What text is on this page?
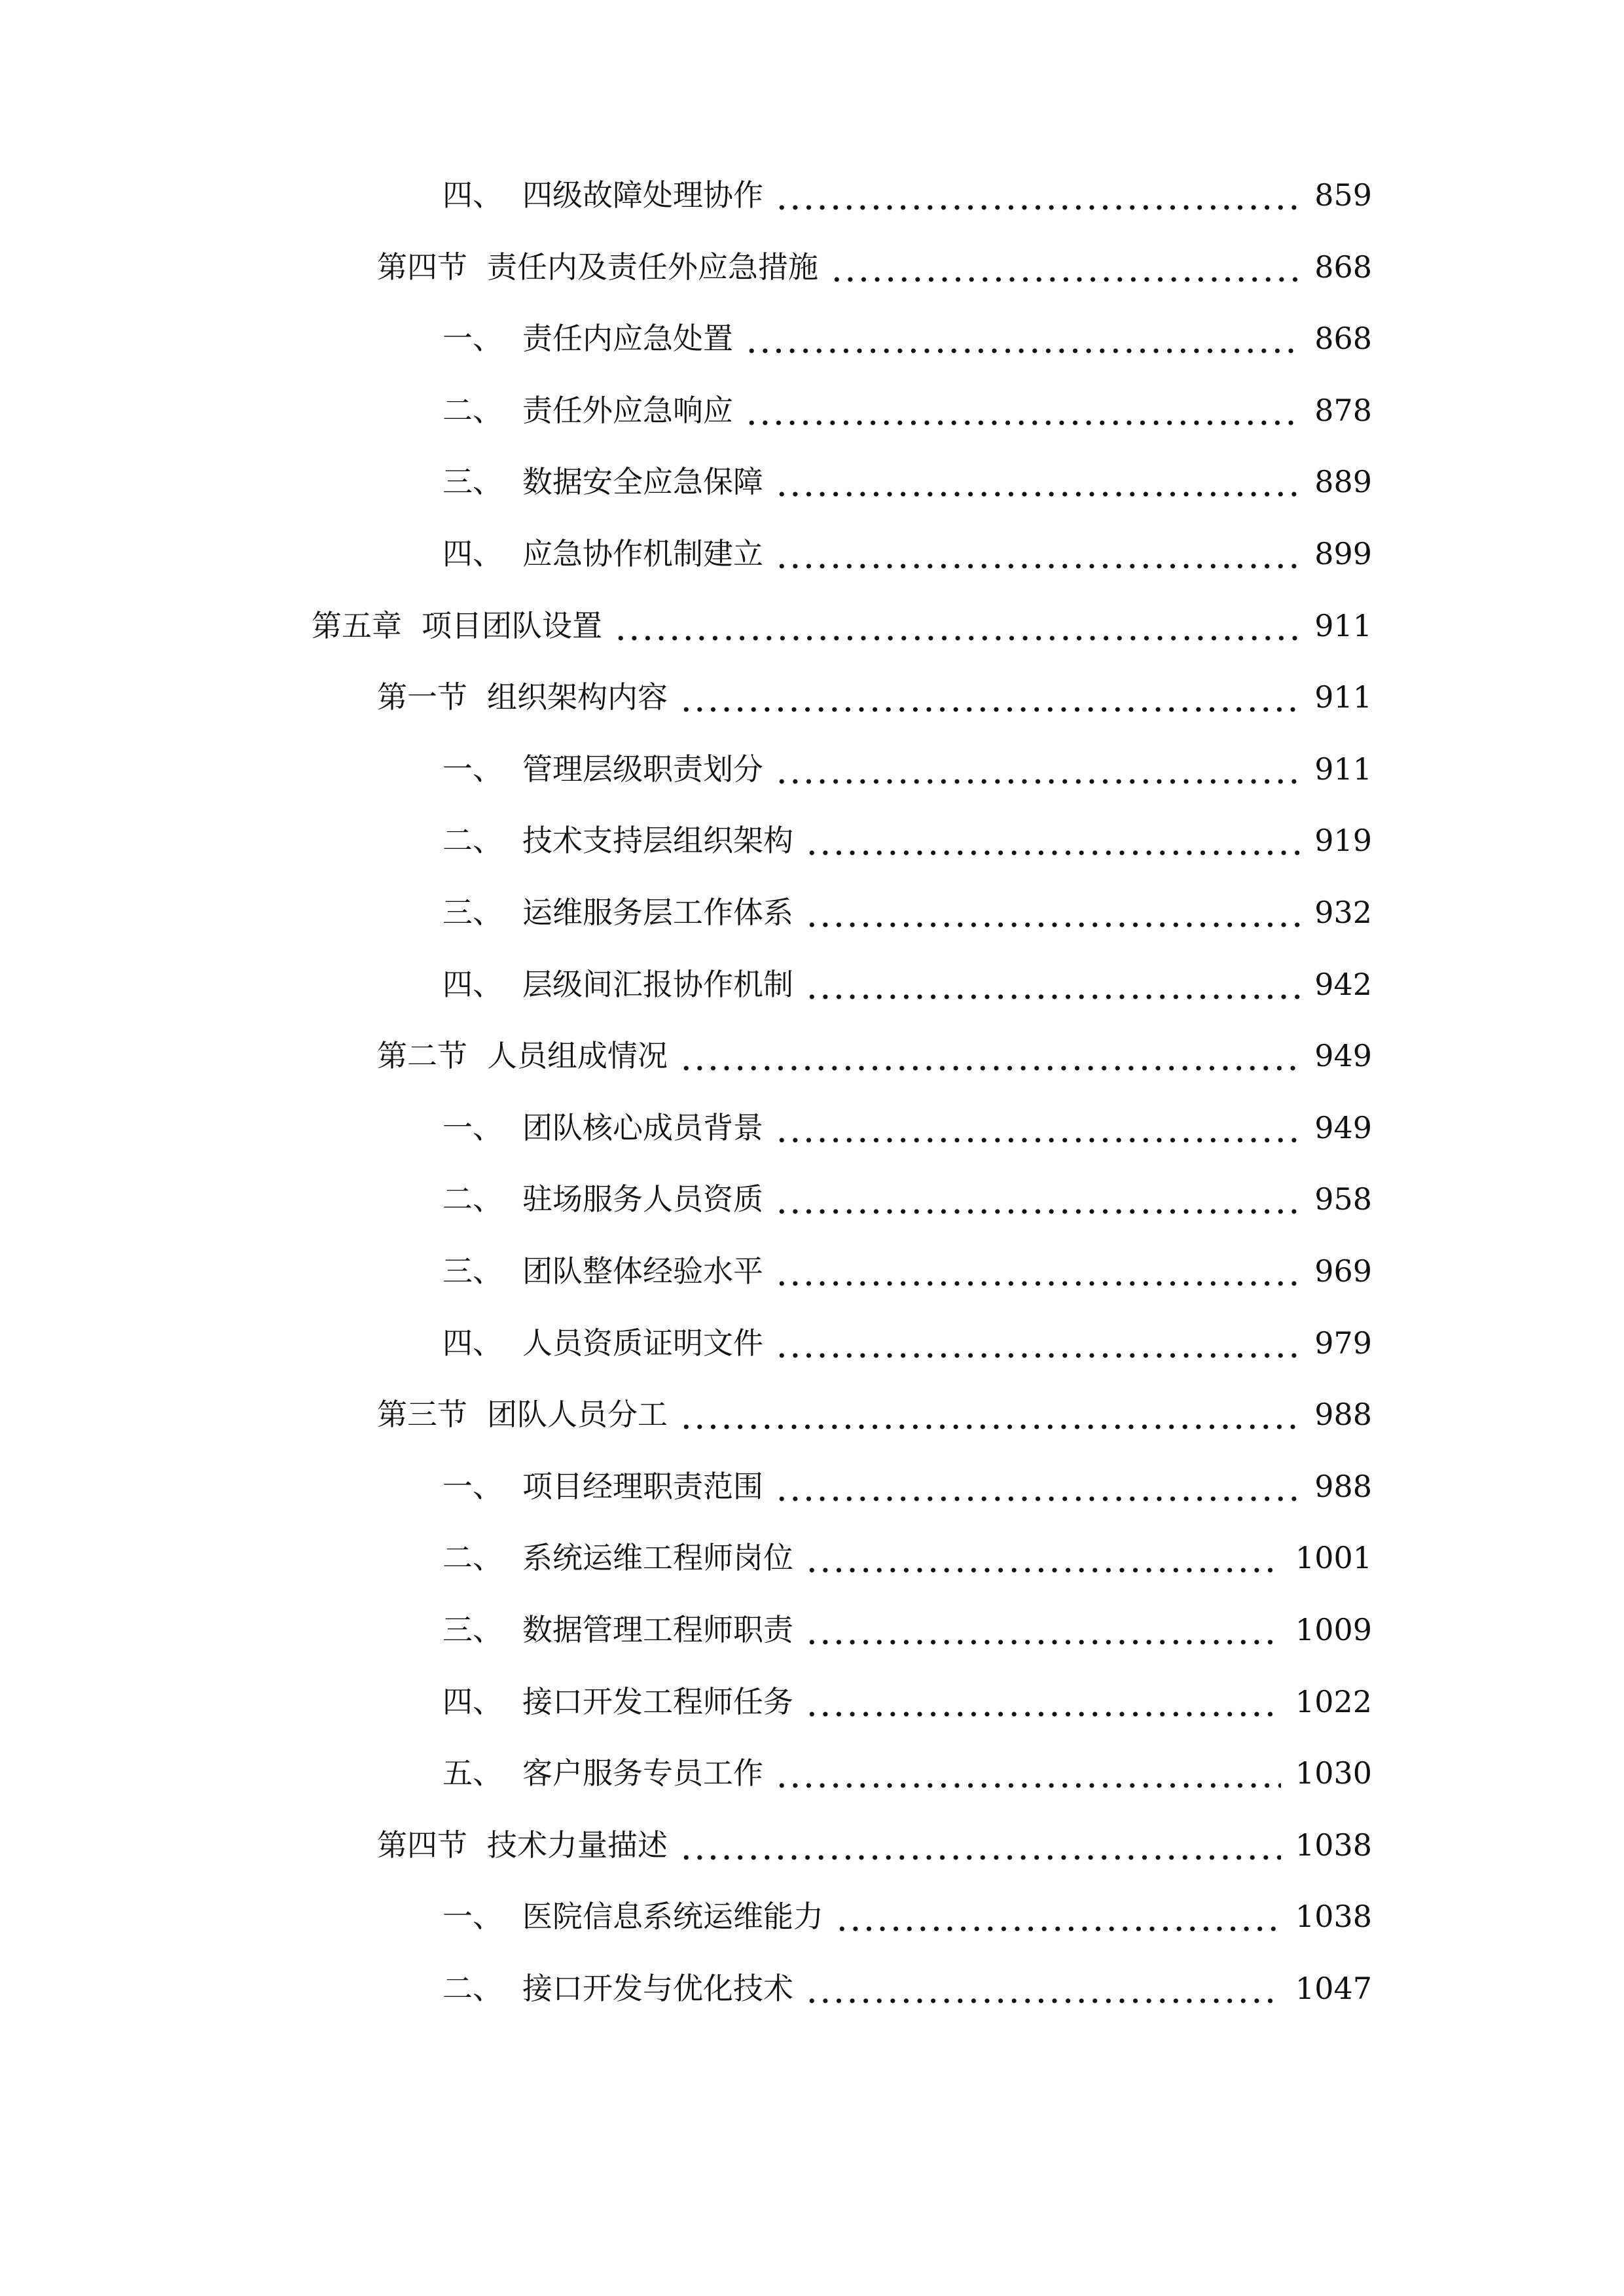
四、 四级故障处理协作	859
第四节 责任内及责任外应急措施	868
一、 责任内应急处置	868
二、 责任外应急响应	878
三、 数据安全应急保障	889
四、 应急协作机制建立	899
第五章 项目团队设置	911
第一节 组织架构内容	911
一、 管理层级职责划分	911
二、 技术支持层组织架构	919
三、 运维服务层工作体系	932
四、 层级间汇报协作机制	942
第二节 人员组成情况	949
一、 团队核心成员背景	949
二、 驻场服务人员资质	958
三、 团队整体经验水平	969
四、 人员资质证明文件	979
第三节 团队人员分工	988
一、 项目经理职责范围	988
二、 系统运维工程师岗位	1001
三、 数据管理工程师职责	1009
四、 接口开发工程师任务	1022
五、 客户服务专员工作	1030
第四节 技术力量描述	1038
一、 医院信息系统运维能力	1038
二、 接口开发与优化技术	1047
